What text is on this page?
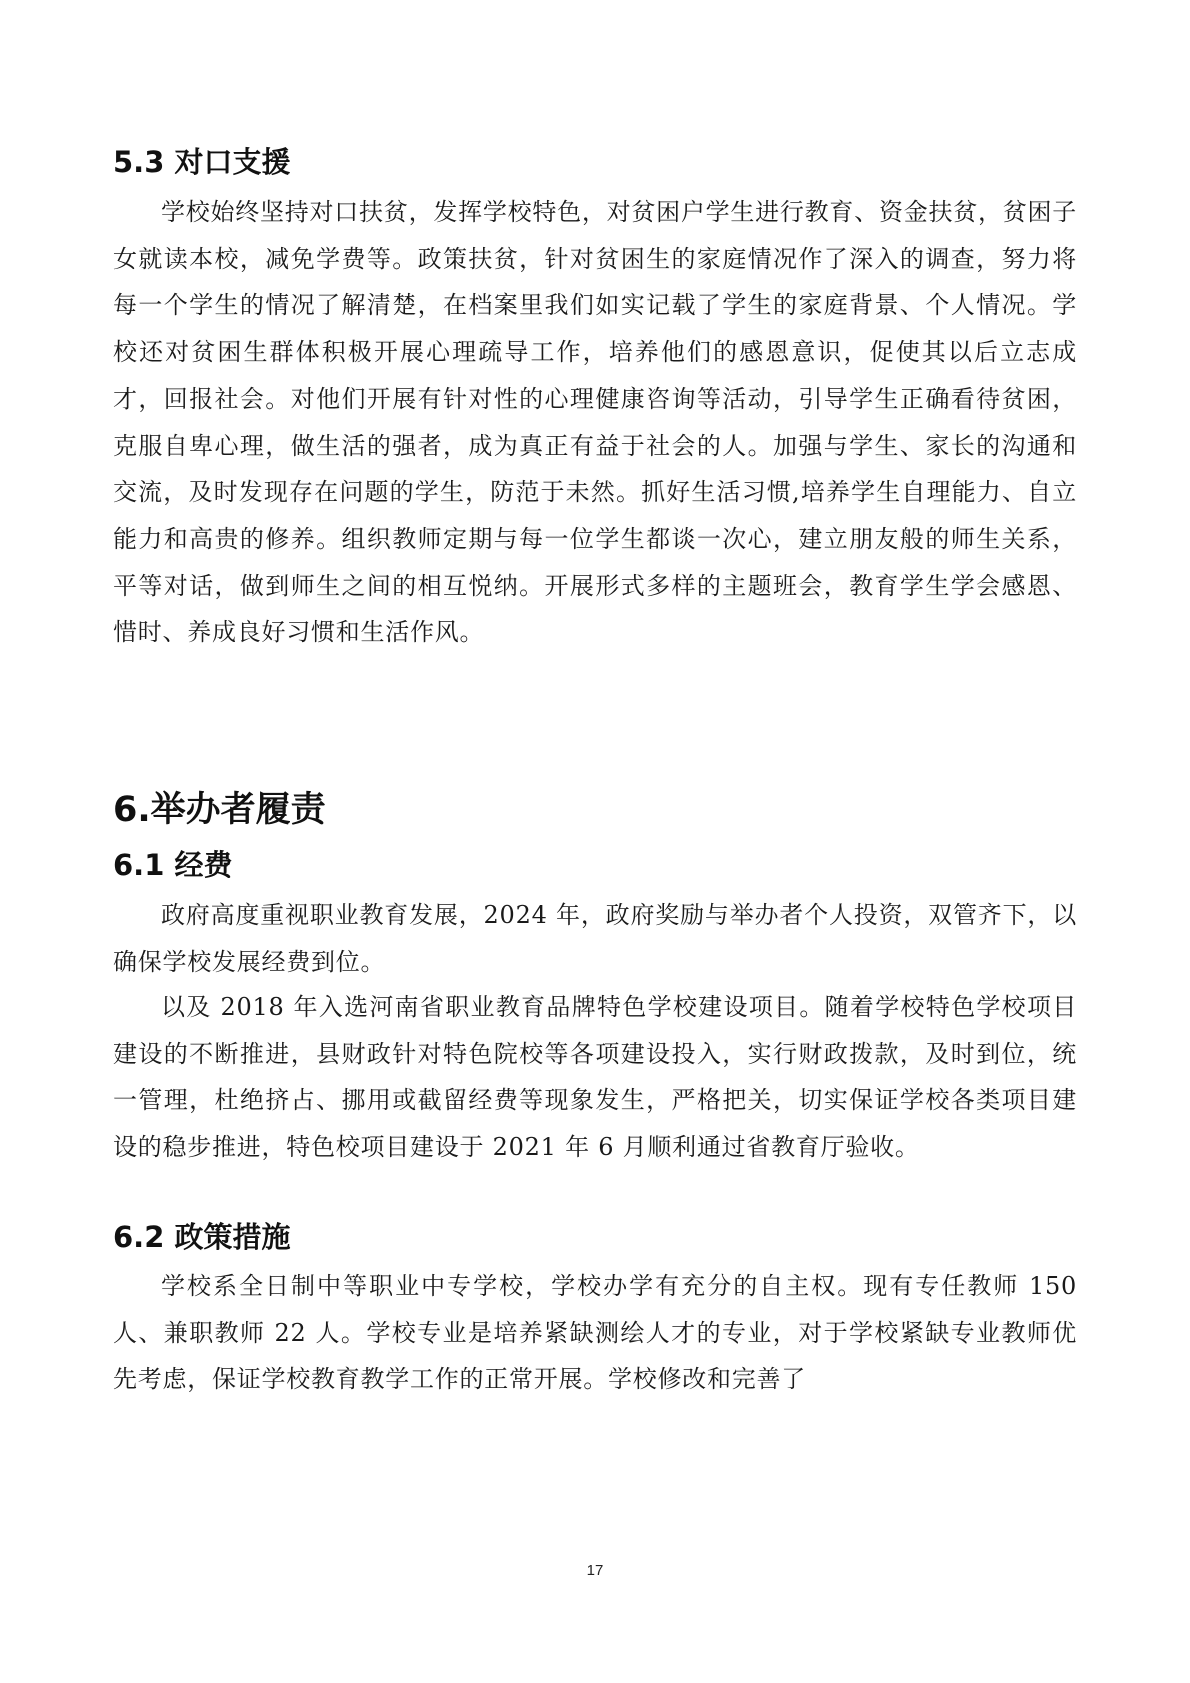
5.3 对口支援

学校始终坚持对口扶贫，发挥学校特色，对贫困户学生进行教育、资金扶贫，贫困子女就读本校，减免学费等。政策扶贫，针对贫困生的家庭情况作了深入的调查，努力将每一个学生的情况了解清楚，在档案里我们如实记载了学生的家庭背景、个人情况。学校还对贫困生群体积极开展心理疏导工作，培养他们的感恩意识，促使其以后立志成才，回报社会。对他们开展有针对性的心理健康咨询等活动，引导学生正确看待贫困，克服自卑心理，做生活的强者，成为真正有益于社会的人。加强与学生、家长的沟通和交流，及时发现存在问题的学生，防范于未然。抓好生活习惯,培养学生自理能力、自立能力和高贵的修养。组织教师定期与每一位学生都谈一次心，建立朋友般的师生关系，平等对话，做到师生之间的相互悦纳。开展形式多样的主题班会，教育学生学会感恩、惜时、养成良好习惯和生活作风。

6.举办者履责
6.1 经费

政府高度重视职业教育发展，2024 年，政府奖励与举办者个人投资，双管齐下，以确保学校发展经费到位。

以及 2018 年入选河南省职业教育品牌特色学校建设项目。随着学校特色学校项目建设的不断推进，县财政针对特色院校等各项建设投入，实行财政拨款，及时到位，统一管理，杜绝挤占、挪用或截留经费等现象发生，严格把关，切实保证学校各类项目建设的稳步推进，特色校项目建设于 2021 年 6 月顺利通过省教育厅验收。

6.2 政策措施

学校系全日制中等职业中专学校，学校办学有充分的自主权。现有专任教师 150 人、兼职教师 22 人。学校专业是培养紧缺测绘人才的专业，对于学校紧缺专业教师优先考虑，保证学校教育教学工作的正常开展。学校修改和完善了

17
